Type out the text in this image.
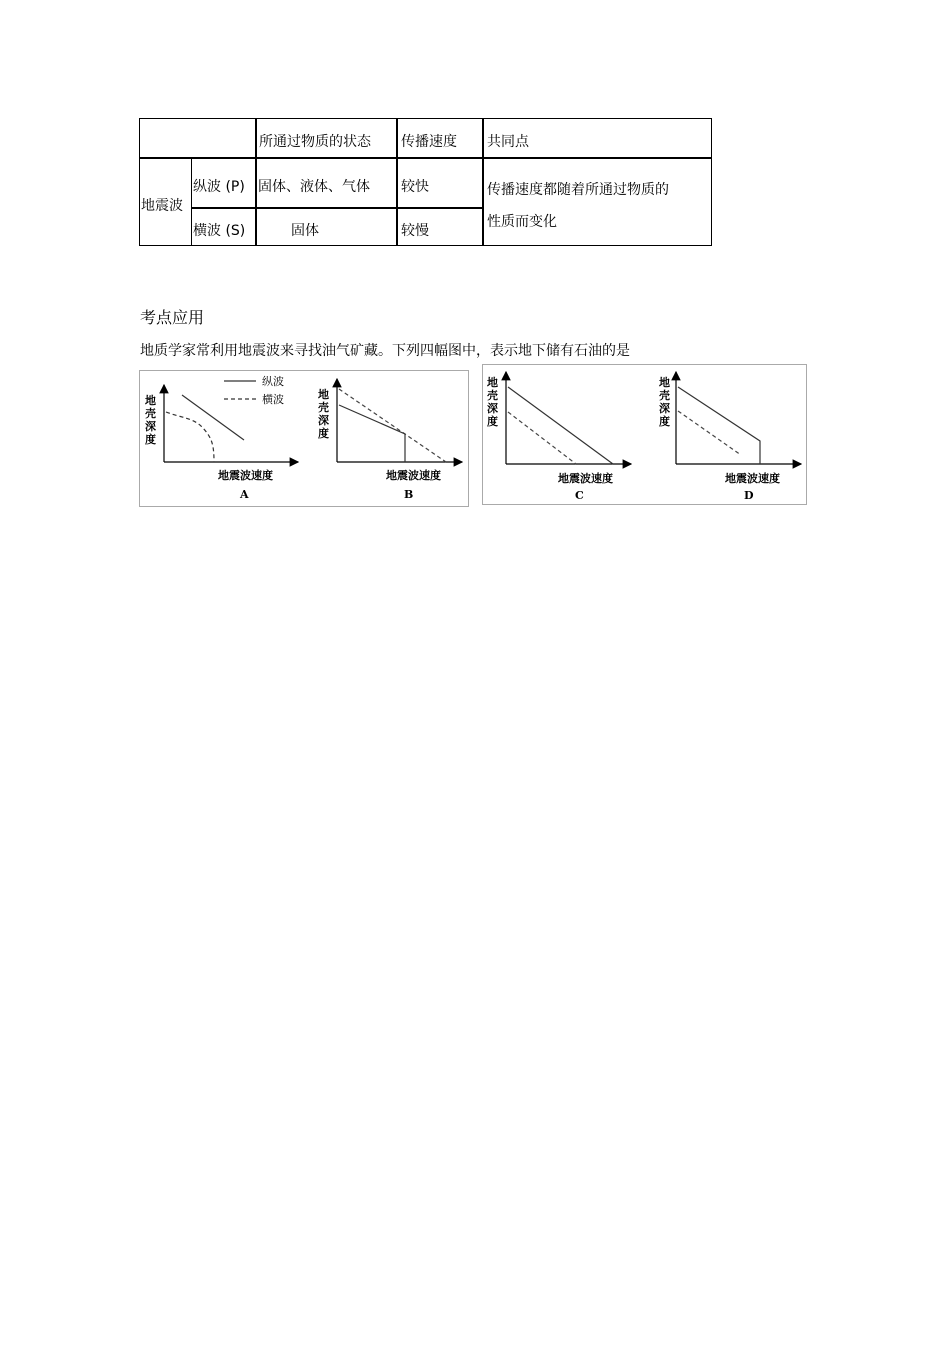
所通过物质的状态 传播速度 共同点
地震波
纵波 (P) 固体、液体、气体 较快
横波 (S)	固体	较慢
传播速度都随着所通过物质的
性质而变化
考点应用
地质学家常利用地震波来寻找油气矿藏。下列四幅图中，表示地下储有石油的是
纵波
横波
地
壳
深
度
地震波速度
A
地
壳
深
度
地震波速度
B
地
壳
深
度
地震波速度
C
地
壳
深
度
地震波速度
D
